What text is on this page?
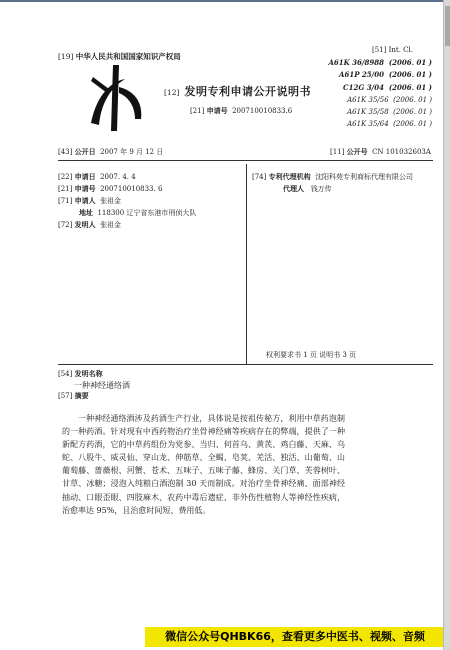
[19] 中华人民共和国国家知识产权局
[12] 发明专利申请公开说明书
[21] 申请号 200710010833.6
[51] Int. Cl.
A61K 36/8988 (2006. 01 )
A61P 25/00 (2006. 01 )
C12G 3/04 (2006. 01 )
A61K 35/56 (2006. 01 )
A61K 35/58 (2006. 01 )
A61K 35/64 (2006. 01 )
[43] 公开日 2007 年 9 月 12 日	[11] 公开号 CN 101032603A
[22] 申请日 2007. 4. 4
[21] 申请号 200710010833. 6
[71] 申请人 张祖金
地址 118300 辽宁省东港市刑侦大队
[72] 发明人 张祖金
[74] 专利代理机构 沈阳科苑专利商标代理有限公司
代理人 钱万传
权利要求书 1 页 说明书 3 页
[54] 发明名称
一种神经通络酒
[57] 摘要

一种神经通络酒涉及药酒生产行业，具体说是按祖传秘方，利用中草药泡制的一种药酒。针对现有中西药物治疗坐骨神经痛等疾病存在的弊端，提供了一种新配方药酒，它的中草药组份为党参、当归、何首乌、黄芪、鸡白藤、天麻、乌蛇、八股牛、威灵仙、穿山龙、伸筋草、全蝎、皂荚、羌活、独活、山葡萄、山葡萄藤、蔷薇根、河蟹、苍术、五味子、五味子藤、蜂房、关门草、芙蓉树叶、甘草、冰糖；浸泡入纯粮白酒泡制 30 天而制成。对治疗坐骨神经痛、面部神经抽动、口眼歪眼、四肢麻木、农药中毒后遗症、非外伤性植物人等神经性疾病，治愈率达 95%，且治愈时间短、费用低。

微信公众号QHBK66，查看更多中医书、视频、音频
